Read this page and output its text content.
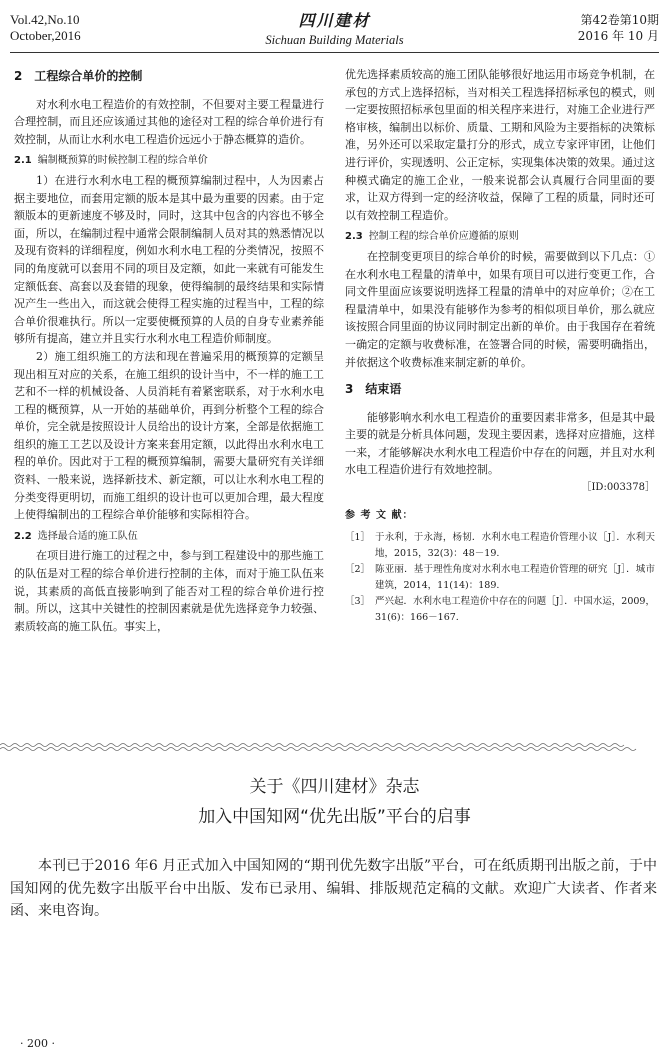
Vol.42,No.10
October,2016
四川建材
Sichuan Building Materials
第42卷第10期
2016 年 10 月

2　工程综合单价的控制

对水利水电工程造价的有效控制，不但要对主要工程量进行合理控制，而且还应该通过其他的途径对工程的综合单价进行有效控制，从而让水利水电工程造价远远小于静态概算的造价。

2.1 编制概预算的时候控制工程的综合单价

1）在进行水利水电工程的概预算编制过程中，人为因素占据主要地位，而套用定额的版本是其中最为重要的因素。由于定额版本的更新速度不够及时，同时，这其中包含的内容也不够全面，所以，在编制过程中通常会限制编制人员对其的熟悉情况以及现有资料的详细程度，例如水利水电工程的分类情况，按照不同的角度就可以套用不同的项目及定额，如此一来就有可能发生定额低套、高套以及套错的现象，使得编制的最终结果和实际情况产生一些出入，而这就会使得工程实施的过程当中，工程的综合单价很难执行。所以一定要使概预算的人员的自身专业素养能够所有提高，建立并且实行水利水电工程造价师制度。

2）施工组织施工的方法和现在普遍采用的概预算的定额呈现出相互对应的关系，在施工组织的设计当中，不一样的施工工艺和不一样的机械设备、人员消耗有着紧密联系，对于水利水电工程的概预算，从一开始的基础单价，再到分析整个工程的综合单价，完全就是按照设计人员给出的设计方案，全部是依据施工组织的施工工艺以及设计方案来套用定额，以此得出水利水电工程的单价。因此对于工程的概预算编制，需要大量研究有关详细资料、一般来说，选择新技术、新定额，可以让水利水电工程的分类变得更明切，而施工组织的设计也可以更加合理，最大程度上使得编制出的工程综合单价能够和实际相符合。

2.2 选择最合适的施工队伍

在项目进行施工的过程之中，参与到工程建设中的那些施工的队伍是对工程的综合单价进行控制的主体，而对于施工队伍来说，其素质的高低直接影响到了能否对工程的综合单价进行控制。所以，这其中关键性的控制因素就是优先选择竞争力较强、素质较高的施工队伍。事实上，

优先选择素质较高的施工团队能够很好地运用市场竞争机制，在承包的方式上选择招标，当对相关工程选择招标承包的模式，则一定要按照招标承包里面的相关程序来进行，对施工企业进行严格审核，编制出以标价、质量、工期和风险为主要指标的决策标准，另外还可以采取定量打分的形式，成立专家评审团，让他们进行评价，实现透明、公正定标，实现集体决策的效果。通过这种模式确定的施工企业，一般来说都会认真履行合同里面的要求，让双方得到一定的经济收益，保障了工程的质量，同时还可以有效控制工程造价。

2.3 控制工程的综合单价应遵循的原则

在控制变更项目的综合单价的时候，需要做到以下几点：①在水利水电工程量的清单中，如果有项目可以进行变更工作，合同文件里面应该要说明选择工程量的清单中的对应单价；②在工程量清单中，如果没有能够作为参考的相似项目单价，那么就应该按照合同里面的协议同时制定出新的单价。由于我国存在着统一确定的定额与收费标准，在签署合同的时候，需要明确指出，并依据这个收费标准来制定新的单价。

3　结束语

能够影响水利水电工程造价的重要因素非常多，但是其中最主要的就是分析具体问题，发现主要因素，选择对应措施，这样一来，才能够解决水利水电工程造价中存在的问题，并且对水利水电工程造价进行有效地控制。

［ID:003378］

参 考 文 献：

［1］ 于永利，于永海，杨韧．水利水电工程造价管理小议［J］．水利天地，2015，32(3)：48－19.
［2］ 陈亚丽．基于理性角度对水利水电工程造价管理的研究［J］．城市建筑，2014，11(14)：189.
［3］ 严兴起．水利水电工程造价中存在的问题［J］．中国水运，2009，31(6)：166－167.
关于《四川建材》杂志
加入中国知网“优先出版”平台的启事

本刊已于2016 年6 月正式加入中国知网的“期刊优先数字出版”平台，可在纸质期刊出版之前，于中国知网的优先数字出版平台中出版、发布已录用、编辑、排版规范定稿的文献。欢迎广大读者、作者来函、来电咨询。

· 200 ·
